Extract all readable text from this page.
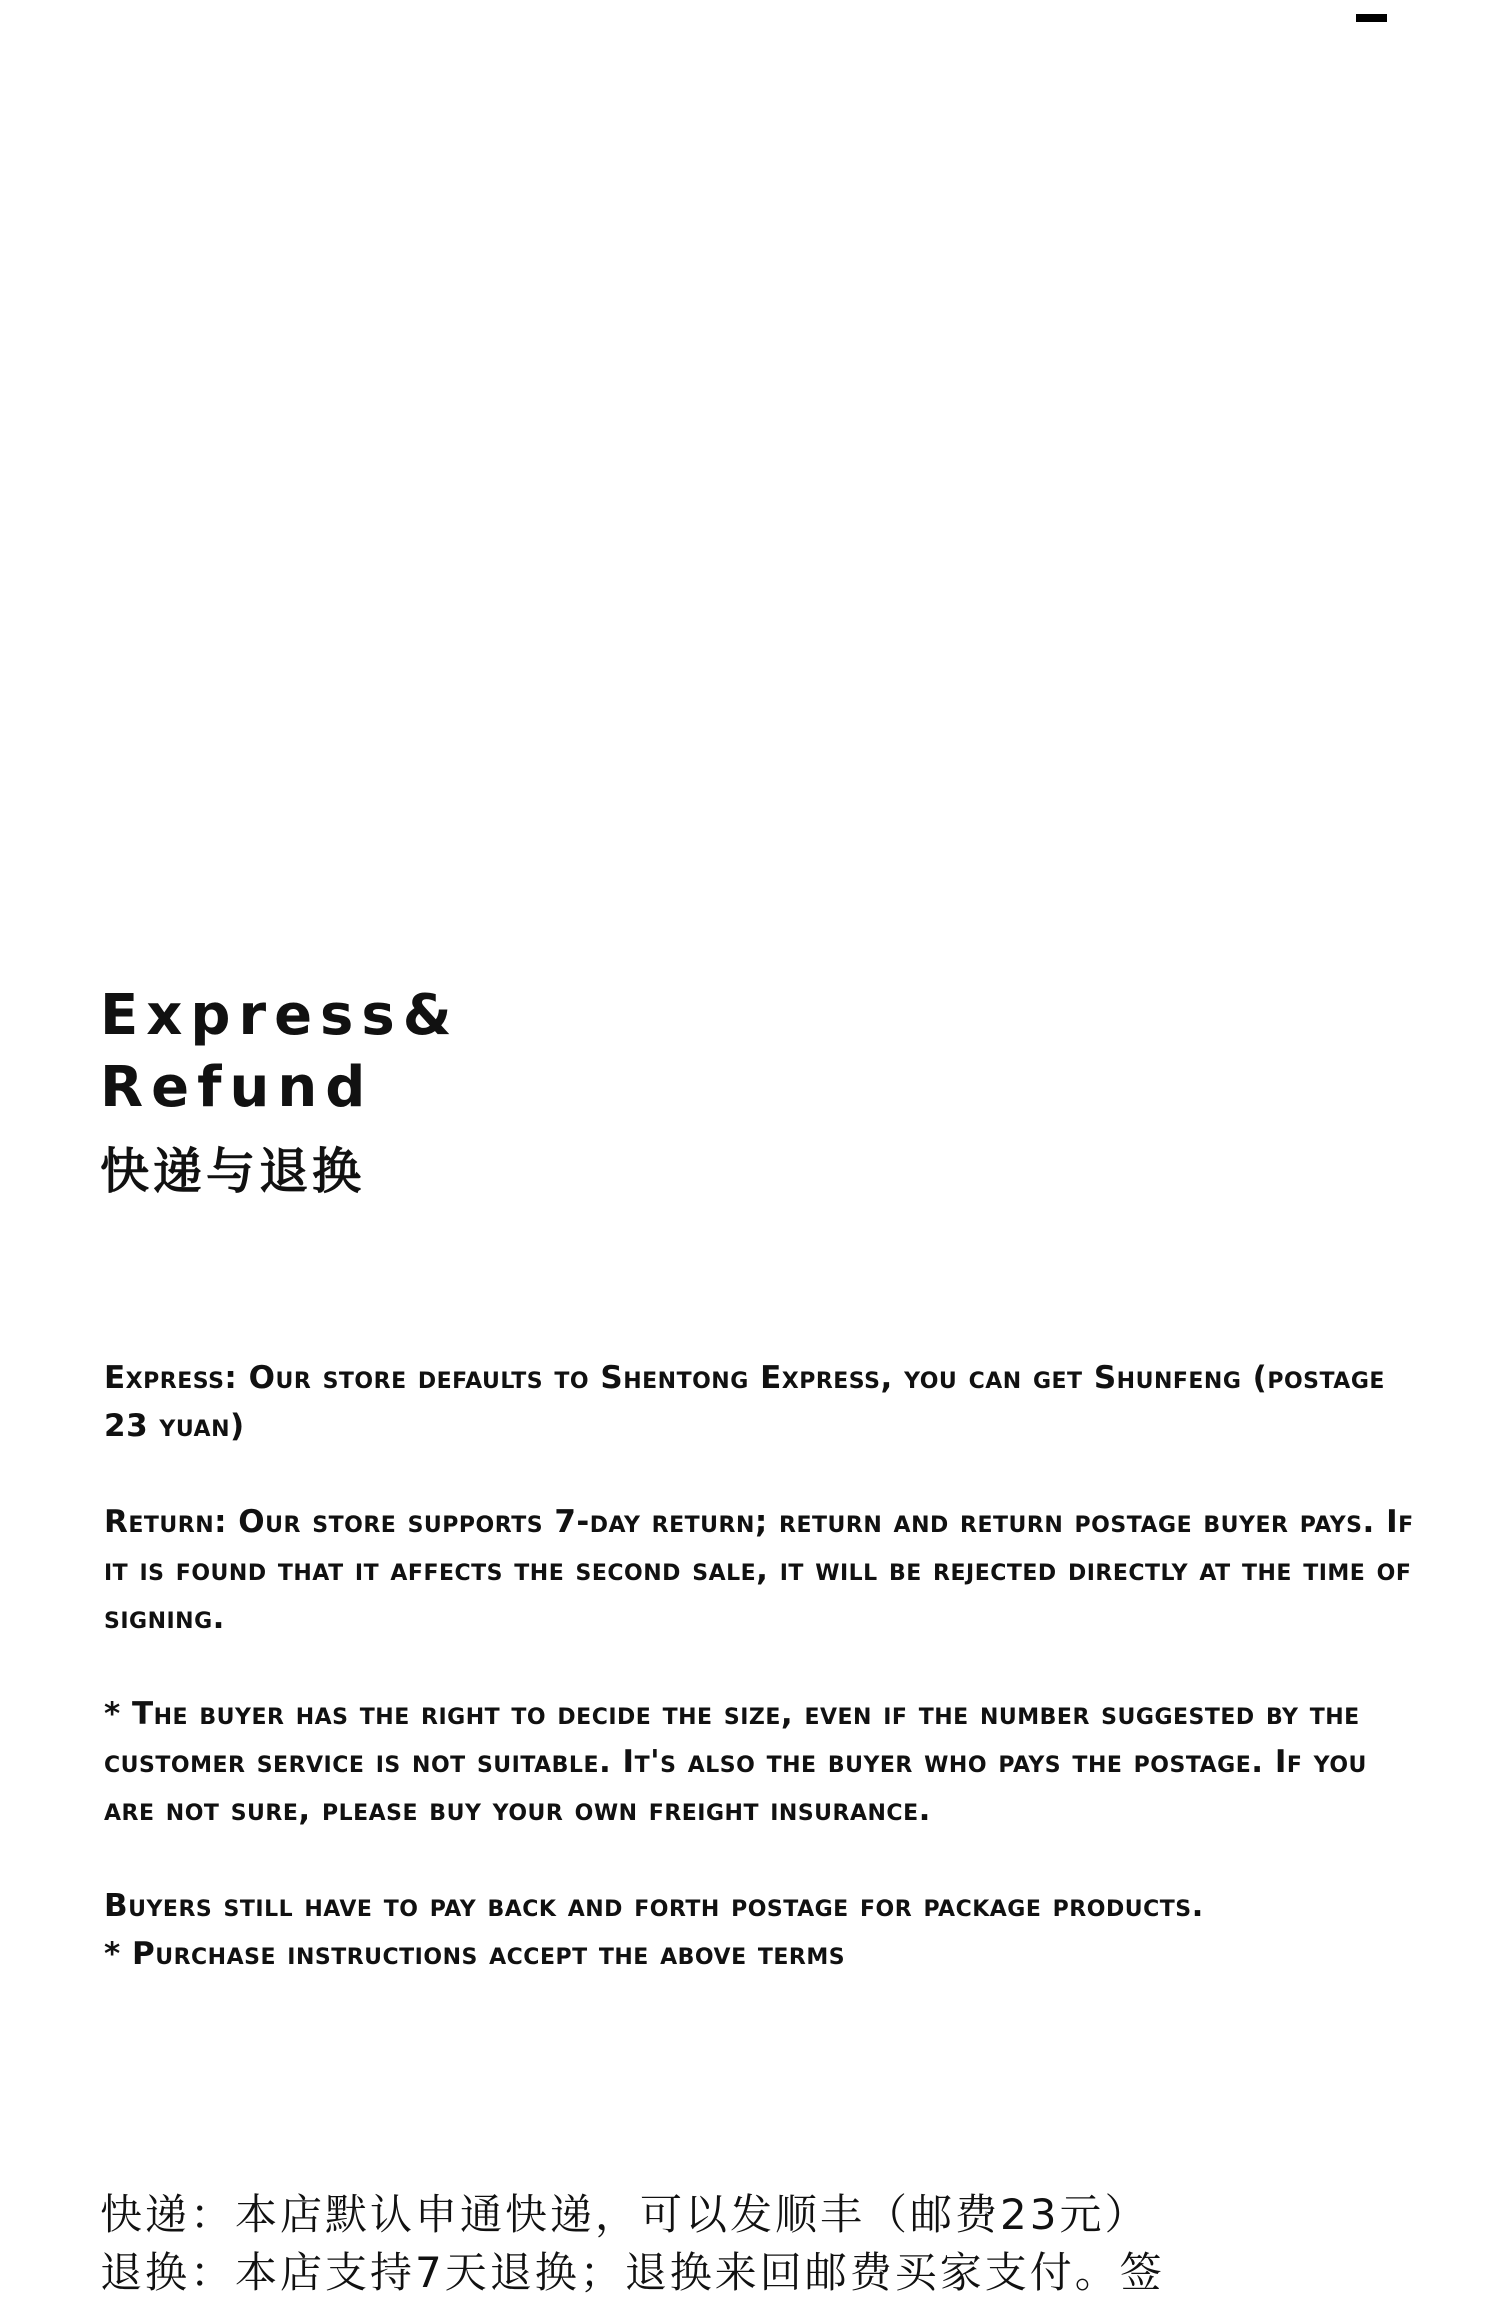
Express&
Refund
快递与退换

Express: Our store defaults to Shentong Express, you can get Shunfeng (postage 23 yuan)

Return: Our store supports 7-day return; return and return postage buyer pays. If it is found that it affects the second sale, it will be rejected directly at the time of signing.

* The buyer has the right to decide the size, even if the number suggested by the customer service is not suitable. It's also the buyer who pays the postage. If you are not sure, please buy your own freight insurance.

Buyers still have to pay back and forth postage for package products.

* Purchase instructions accept the above terms

快递：本店默认申通快递，可以发顺丰（邮费23元）

退换：本店支持7天退换；退换来回邮费买家支付。签
